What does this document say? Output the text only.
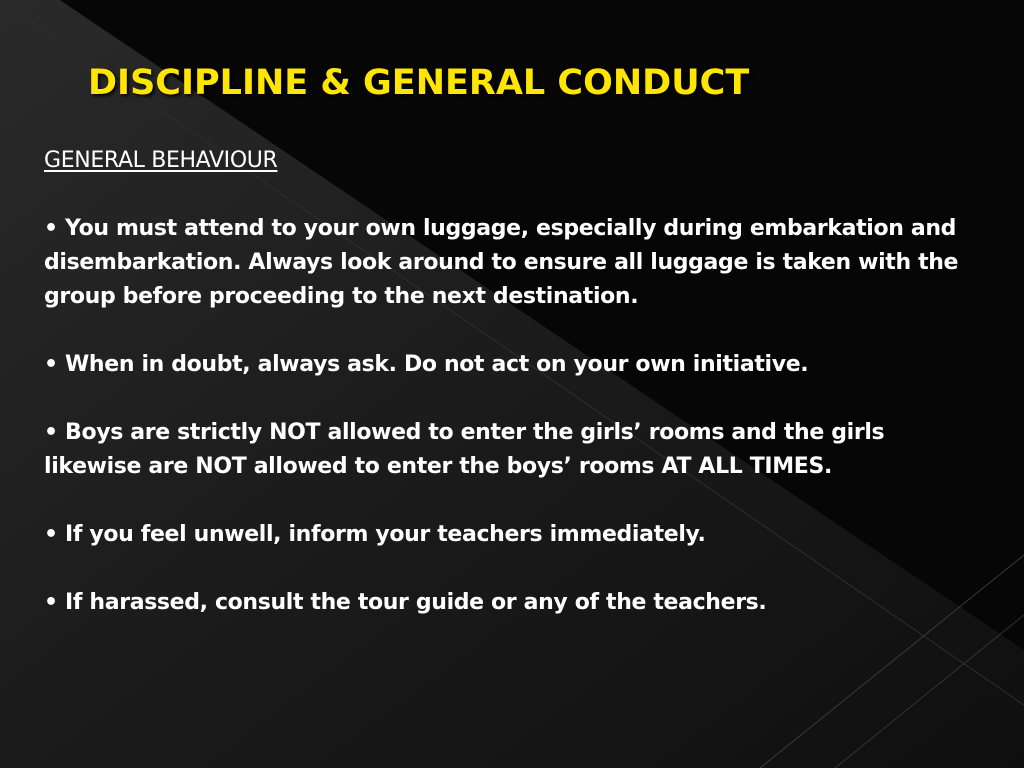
DISCIPLINE & GENERAL CONDUCT

GENERAL BEHAVIOUR

• You must attend to your own luggage, especially during embarkation and disembarkation. Always look around to ensure all luggage is taken with the group before proceeding to the next destination.

• When in doubt, always ask. Do not act on your own initiative.

• Boys are strictly NOT allowed to enter the girls’ rooms and the girls likewise are NOT allowed to enter the boys’ rooms AT ALL TIMES.

• If you feel unwell, inform your teachers immediately.

• If harassed, consult the tour guide or any of the teachers.
